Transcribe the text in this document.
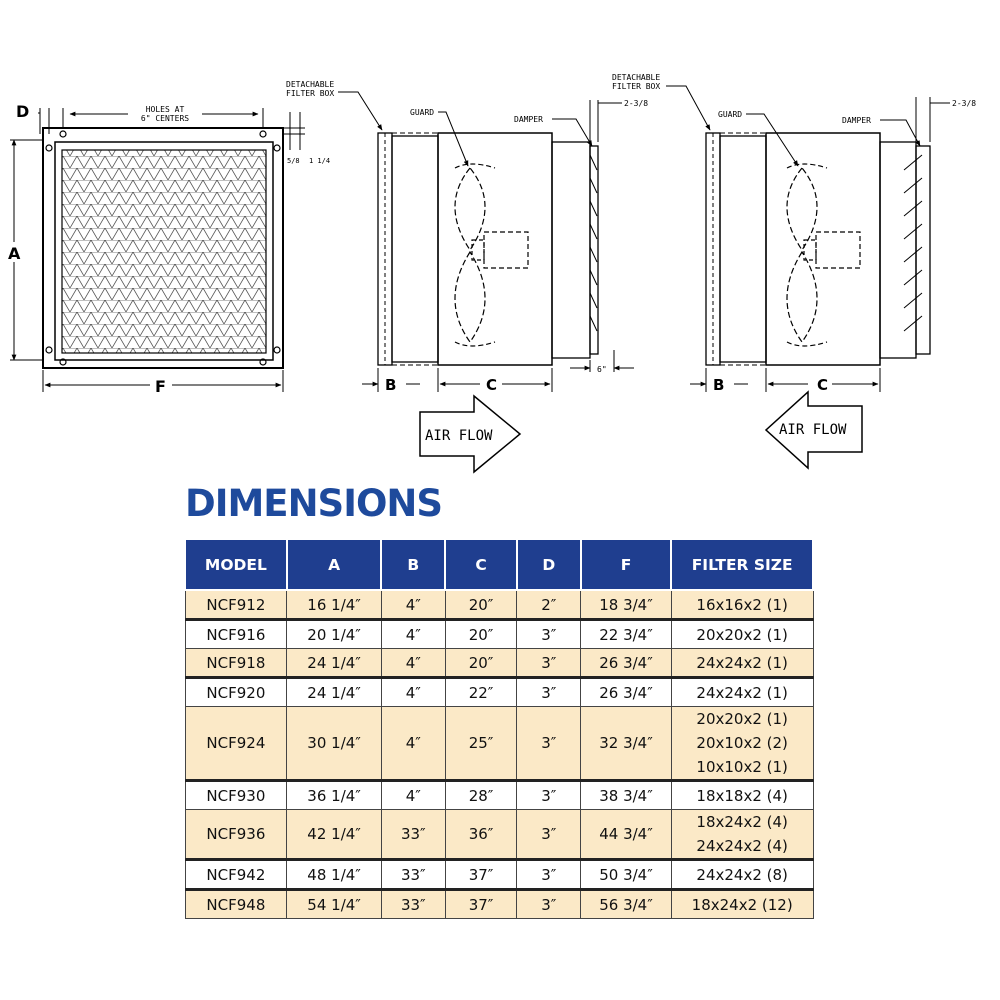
D	HOLES AT
6" CENTERS
5/8 1 1/4
A
F
DETACHABLE
FILTER BOX
GUARD
DAMPER
2-3/8
6"
B	C
AIR FLOW
DETACHABLE
FILTER BOX
GUARD
DAMPER
2-3/8
B	C
AIR FLOW
DIMENSIONS
MODEL	A	B	C	D	F	FILTER SIZE
NCF912	16 1/4″	4″	20″	2″	18 3/4″	16x16x2 (1)

NCF916	20 1/4″	4″	20″	3″	22 3/4″	20x20x2 (1)

NCF918	24 1/4″	4″	20″	3″	26 3/4″	24x24x2 (1)

NCF920	24 1/4″	4″	22″	3″	26 3/4″	24x24x2 (1)

NCF924	30 1/4″	4″	25″	3″	32 3/4″	20x20x2 (1)
20x10x2 (2)
10x10x2 (1)

NCF930	36 1/4″	4″	28″	3″	38 3/4″	18x18x2 (4)

NCF936	42 1/4″	33″	36″	3″	44 3/4″	18x24x2 (4)
24x24x2 (4)

NCF942	48 1/4″	33″	37″	3″	50 3/4″	24x24x2 (8)

NCF948	54 1/4″	33″	37″	3″	56 3/4″	18x24x2 (12)
